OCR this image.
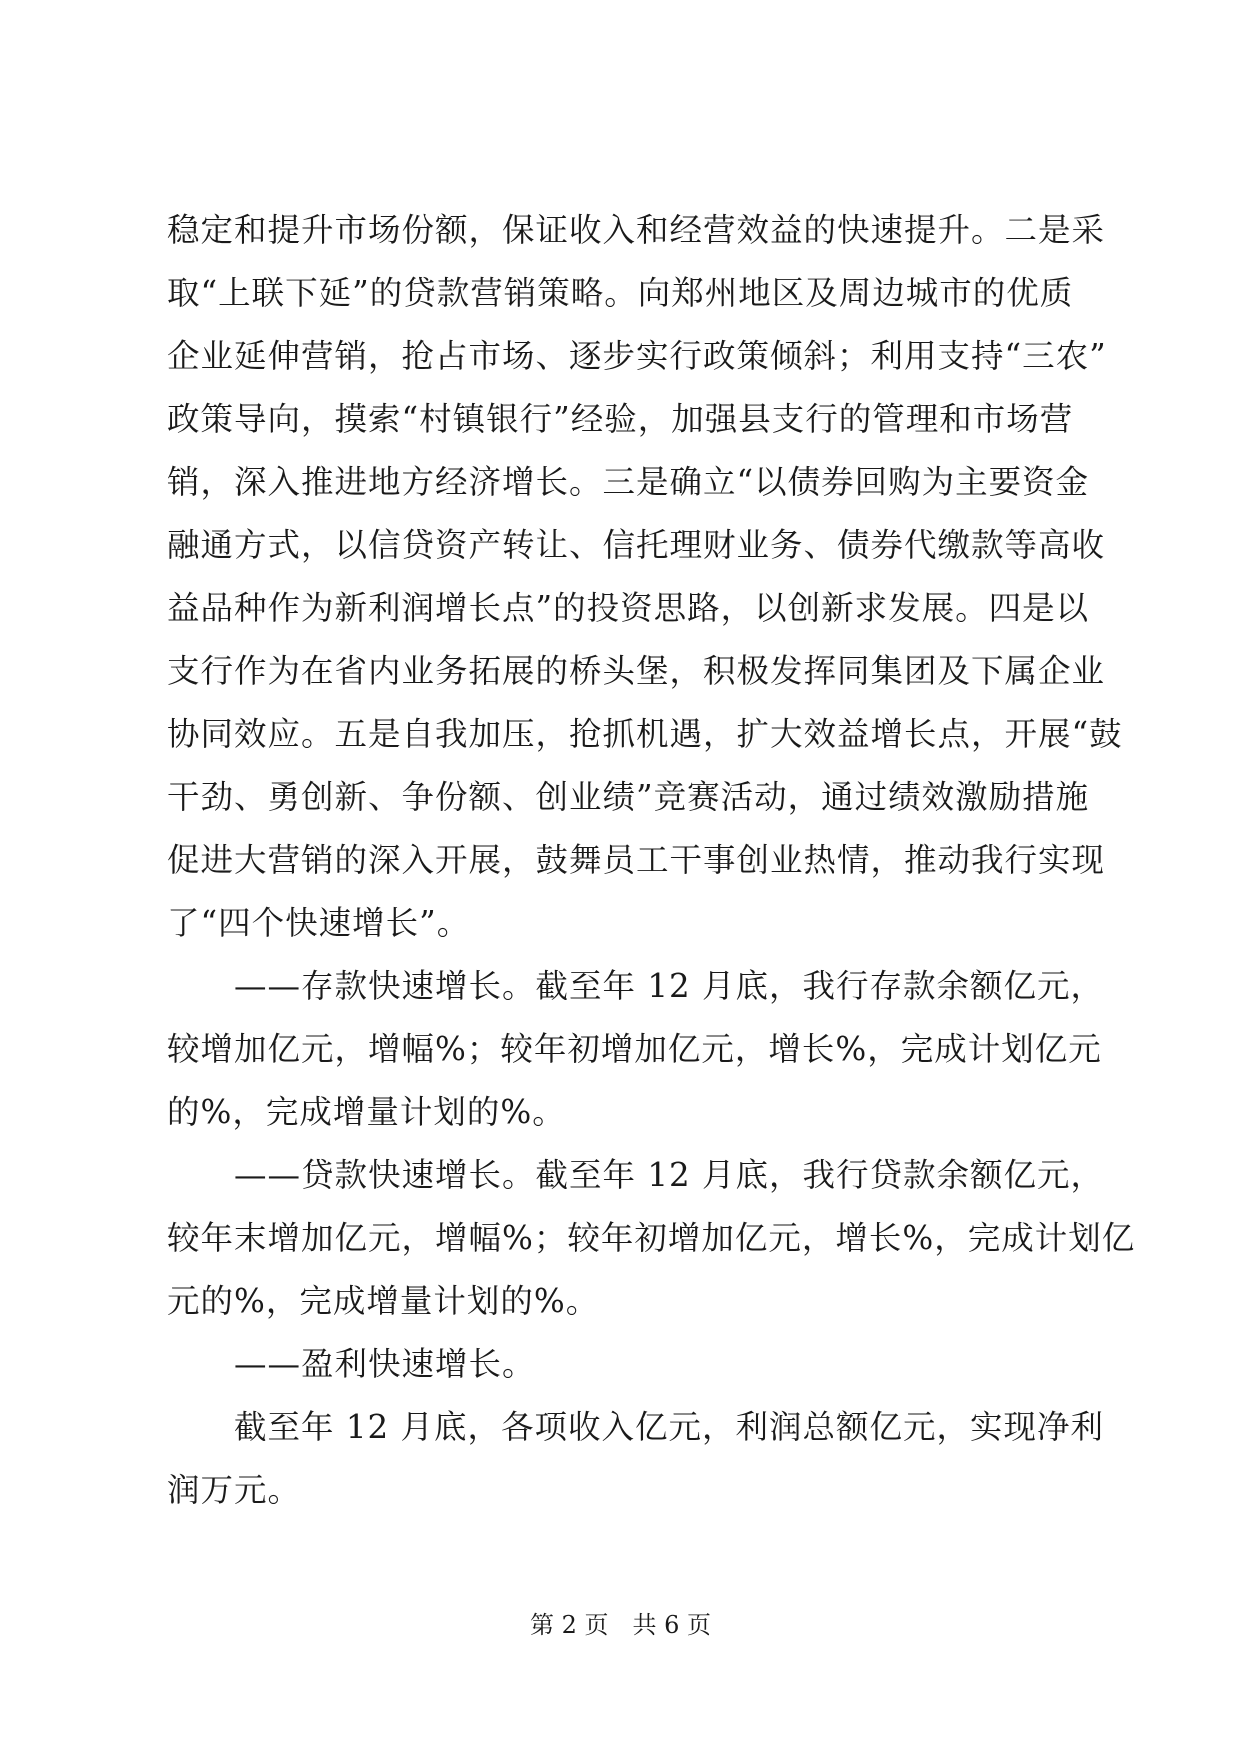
稳定和提升市场份额，保证收入和经营效益的快速提升。二是采
取“上联下延”的贷款营销策略。向郑州地区及周边城市的优质
企业延伸营销，抢占市场、逐步实行政策倾斜；利用支持“三农”
政策导向，摸索“村镇银行”经验，加强县支行的管理和市场营
销，深入推进地方经济增长。三是确立“以债券回购为主要资金
融通方式，以信贷资产转让、信托理财业务、债券代缴款等高收
益品种作为新利润增长点”的投资思路，以创新求发展。四是以
支行作为在省内业务拓展的桥头堡，积极发挥同集团及下属企业
协同效应。五是自我加压，抢抓机遇，扩大效益增长点，开展“鼓
干劲、勇创新、争份额、创业绩”竞赛活动，通过绩效激励措施
促进大营销的深入开展，鼓舞员工干事创业热情，推动我行实现
了“四个快速增长”。
　　——存款快速增长。截至年 12 月底，我行存款余额亿元，
较增加亿元，增幅%；较年初增加亿元，增长%，完成计划亿元
的%，完成增量计划的%。
　　——贷款快速增长。截至年 12 月底，我行贷款余额亿元，
较年末增加亿元，增幅%；较年初增加亿元，增长%，完成计划亿
元的%，完成增量计划的%。
　　——盈利快速增长。
　　截至年 12 月底，各项收入亿元，利润总额亿元，实现净利
润万元。
第 2 页　共 6 页
